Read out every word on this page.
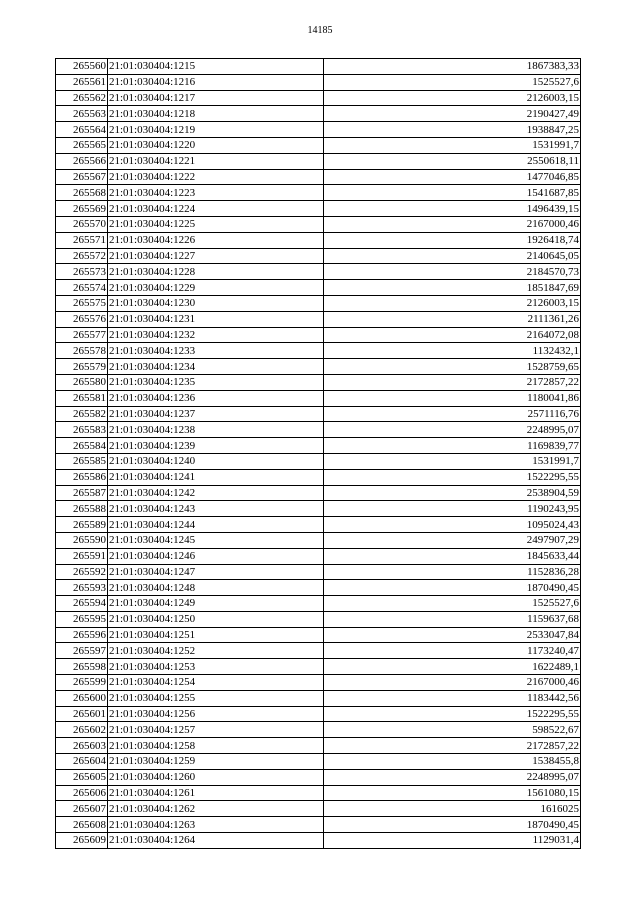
14185
265560	21:01:030404:1215	1867383,33
265561	21:01:030404:1216	1525527,6
265562	21:01:030404:1217	2126003,15
265563	21:01:030404:1218	2190427,49
265564	21:01:030404:1219	1938847,25
265565	21:01:030404:1220	1531991,7
265566	21:01:030404:1221	2550618,11
265567	21:01:030404:1222	1477046,85
265568	21:01:030404:1223	1541687,85
265569	21:01:030404:1224	1496439,15
265570	21:01:030404:1225	2167000,46
265571	21:01:030404:1226	1926418,74
265572	21:01:030404:1227	2140645,05
265573	21:01:030404:1228	2184570,73
265574	21:01:030404:1229	1851847,69
265575	21:01:030404:1230	2126003,15
265576	21:01:030404:1231	2111361,26
265577	21:01:030404:1232	2164072,08
265578	21:01:030404:1233	1132432,1
265579	21:01:030404:1234	1528759,65
265580	21:01:030404:1235	2172857,22
265581	21:01:030404:1236	1180041,86
265582	21:01:030404:1237	2571116,76
265583	21:01:030404:1238	2248995,07
265584	21:01:030404:1239	1169839,77
265585	21:01:030404:1240	1531991,7
265586	21:01:030404:1241	1522295,55
265587	21:01:030404:1242	2538904,59
265588	21:01:030404:1243	1190243,95
265589	21:01:030404:1244	1095024,43
265590	21:01:030404:1245	2497907,29
265591	21:01:030404:1246	1845633,44
265592	21:01:030404:1247	1152836,28
265593	21:01:030404:1248	1870490,45
265594	21:01:030404:1249	1525527,6
265595	21:01:030404:1250	1159637,68
265596	21:01:030404:1251	2533047,84
265597	21:01:030404:1252	1173240,47
265598	21:01:030404:1253	1622489,1
265599	21:01:030404:1254	2167000,46
265600	21:01:030404:1255	1183442,56
265601	21:01:030404:1256	1522295,55
265602	21:01:030404:1257	598522,67
265603	21:01:030404:1258	2172857,22
265604	21:01:030404:1259	1538455,8
265605	21:01:030404:1260	2248995,07
265606	21:01:030404:1261	1561080,15
265607	21:01:030404:1262	1616025
265608	21:01:030404:1263	1870490,45
265609	21:01:030404:1264	1129031,4
